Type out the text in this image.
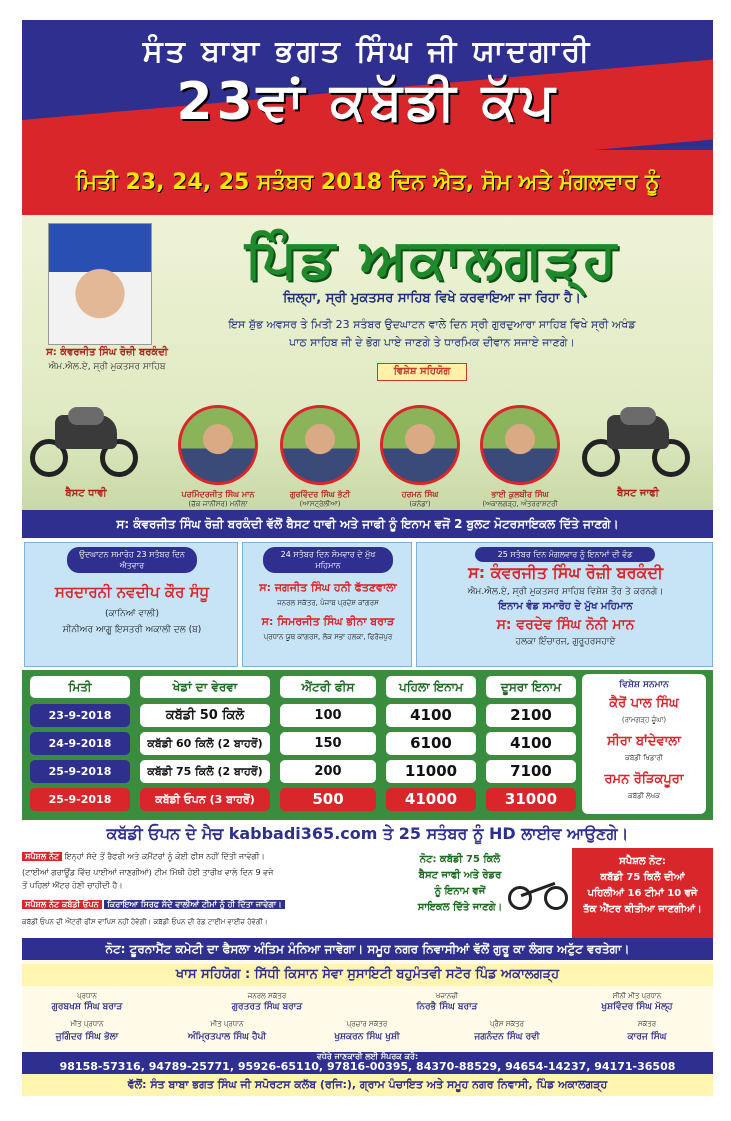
ਸੰਤ ਬਾਬਾ ਭਗਤ ਸਿੰਘ ਜੀ ਯਾਦਗਾਰੀ
23ਵਾਂ ਕਬੱਡੀ ਕੱਪ
ਮਿਤੀ 23, 24, 25 ਸਤੰਬਰ 2018 ਦਿਨ ਐਤ, ਸੋਮ ਅਤੇ ਮੰਗਲਵਾਰ ਨੂੰ
ਸ: ਕੰਵਰਜੀਤ ਸਿੰਘ ਰੋਜ਼ੀ ਬਰਕੰਦੀ
ਐਮ.ਐਲ.ਏ, ਸ੍ਰੀ ਮੁਕਤਸਰ ਸਾਹਿਬ
ਪਿੰਡ ਅਕਾਲਗੜ੍ਹ
ਜ਼ਿਲ੍ਹਾ, ਸ੍ਰੀ ਮੁਕਤਸਰ ਸਾਹਿਬ ਵਿਖੇ ਕਰਵਾਇਆ ਜਾ ਰਿਹਾ ਹੈ।
ਇਸ ਸ਼ੁੱਭ ਅਵਸਰ ਤੇ ਮਿਤੀ 23 ਸਤੰਬਰ ਉਦਘਾਟਨ ਵਾਲੇ ਦਿਨ ਸ੍ਰੀ ਗੁਰਦੁਆਰਾ ਸਾਹਿਬ ਵਿਖੇ ਸ੍ਰੀ ਅਖੰਡ
ਪਾਠ ਸਾਹਿਬ ਜੀ ਦੇ ਭੋਗ ਪਾਏ ਜਾਣਗੇ ਤੇ ਧਾਰਮਿਕ ਦੀਵਾਨ ਸਜਾਏ ਜਾਣਗੇ।
ਵਿਸ਼ੇਸ਼ ਸਹਿਯੋਗ
ਬੈਸਟ ਧਾਵੀ	ਬੈਸਟ ਜਾਫੀ
ਪਰਮਿੰਦਰਜੀਤ ਸਿੰਘ ਮਾਨ
(ਚੱਕ ਜਾਨੀਸਰ) ਮਨੀਲਾ
ਗੁਰਵਿੰਦਰ ਸਿੰਘ ਭੱਟੀ
(ਆਸਟ੍ਰੇਲੀਆ)
ਹਰਮਨ ਸਿੰਘ
(ਕਨੇਡਾ)
ਭਾਈ ਕੁਲਬੀਰ ਸਿੰਘ
(ਅਕਾਲਗੜ੍ਹ, ਅੰਤਰਰਾਸ਼ਟਰੀ
ਸ: ਕੰਵਰਜੀਤ ਸਿੰਘ ਰੋਜ਼ੀ ਬਰਕੰਦੀ ਵੱਲੋਂ ਬੈਸਟ ਧਾਵੀ ਅਤੇ ਜਾਫੀ ਨੂੰ ਇਨਾਮ ਵਜੋਂ 2 ਬੁਲਟ ਮੋਟਰਸਾਇਕਲ ਦਿੱਤੇ ਜਾਣਗੇ।
ਉਦਘਾਟਨ ਸਮਾਰੋਹ 23 ਸਤੰਬਰ ਦਿਨ ਐਤਵਾਰ
ਸਰਦਾਰਨੀ ਨਵਦੀਪ ਕੌਰ ਸੰਧੂ
(ਕਾਨਿਆਂ ਵਾਲੀ)
ਸੀਨੀਅਰ ਆਗੂ ਇਸਤਰੀ ਅਕਾਲੀ ਦਲ (ਬ)
24 ਸਤੰਬਰ ਦਿਨ ਸੋਮਵਾਰ ਦੇ ਮੁੱਖ ਮਹਿਮਾਨ
ਸ: ਜਗਜੀਤ ਸਿੰਘ ਹਨੀ ਫੱਤਣਵਾਲਾ
ਜਨਰਲ ਸਕੱਤਰ, ਪੰਜਾਬ ਪ੍ਰਦੇਸ਼ ਕਾਂਗਰਸ
ਸ: ਸਿਮਰਜੀਤ ਸਿੰਘ ਭੀਨਾ ਬਰਾੜ
ਪ੍ਰਧਾਨ ਯੂਥ ਕਾਂਗਰਸ, ਲੋਕ ਸਭਾ ਹਲਕਾ, ਫਿਰੋਜ਼ਪੁਰ
25 ਸਤੰਬਰ ਦਿਨ ਮੰਗਲਵਾਰ ਨੂੰ ਇਨਾਮਾਂ ਦੀ ਵੰਡ
ਸ: ਕੰਵਰਜੀਤ ਸਿੰਘ ਰੋਜ਼ੀ ਬਰਕੰਦੀ
ਐਮ.ਐਲ.ਏ, ਸ੍ਰੀ ਮੁਕਤਸਰ ਸਾਹਿਬ ਵਿਸ਼ੇਸ਼ ਤੌਰ ਤੇ ਕਰਨਗੇ।
ਇਨਾਮ ਵੰਡ ਸਮਾਰੋਹ ਦੇ ਮੁੱਖ ਮਹਿਮਾਨ
ਸ: ਵਰਦੇਵ ਸਿੰਘ ਨੋਨੀ ਮਾਨ
ਹਲਕਾ ਇੰਚਾਰਜ, ਗੁਰੂਹਰਸਹਾਏ
ਮਿਤੀ	ਖੇਡਾਂ ਦਾ ਵੇਰਵਾ	ਐਂਟਰੀ ਫੀਸ	ਪਹਿਲਾ ਇਨਾਮ	ਦੂਸਰਾ ਇਨਾਮ
23-9-2018	ਕਬੱਡੀ 50 ਕਿਲੋ	100	4100	2100
24-9-2018	ਕਬੱਡੀ 60 ਕਿਲੋ (2 ਬਾਹਰੋਂ)	150	6100	4100
25-9-2018	ਕਬੱਡੀ 75 ਕਿਲੋ (2 ਬਾਹਰੋਂ)	200	11000	7100
25-9-2018	ਕਬੱਡੀ ਓਪਨ (3 ਬਾਹਰੋਂ)	500	41000	31000
ਵਿਸ਼ੇਸ਼ ਸਨਮਾਨ
ਕੈਰੋਂ ਪਾਲ ਸਿੰਘ
(ਰਾਮਗੜ੍ਹ ਚੂੰਘਾ)
ਸੀਰਾ ਬਾਂਦੇਵਾਲਾ
ਕਬੱਡੀ ਖਿਡਾਰੀ
ਰਮਨ ਰੋੜਿਕਪੂਰਾ
ਕਬੱਡੀ ਲੇਖਕ
ਕਬੱਡੀ ਓਪਨ ਦੇ ਮੈਚ kabbadi365.com ਤੇ 25 ਸਤੰਬਰ ਨੂੰ HD ਲਾਈਵ ਆਉਣਗੇ।
ਸਪੈਸ਼ਲ ਨੋਟ ਇਨ੍ਹਾਂ ਸੱਦੇ ਤੋਂ ਰੈਫਰੀ ਅਤੇ ਕਮੈਂਟਰਾਂ ਨੂੰ ਕੋਈ ਫੀਸ ਨਹੀਂ ਦਿੱਤੀ ਜਾਵੇਗੀ।
(ਟਾਈਆਂ ਗਰਾਊਂਡ ਵਿੱਚ ਪਾਈਆਂ ਜਾਣਗੀਆਂ) ਟੀਮ ਮਿੱਥੀ ਹੋਈ ਤਾਰੀਖ ਵਾਲੇ ਦਿਨ 9 ਵਜੇ
ਤੋਂ ਪਹਿਲਾਂ ਐਂਟਰ ਹੋਣੀ ਚਾਹੀਦੀ ਹੈ।
ਸਪੈਸ਼ਲ ਨੋਟ ਕਬੱਡੀ ਓਪਨ ਕਿਰਾਇਆ ਸਿਰਫ ਸੱਦੇ ਵਾਲੀਆਂ ਟੀਮਾਂ ਨੂੰ ਹੀ ਦਿੱਤਾ ਜਾਵੇਗਾ।
ਕਬੱਡੀ ਓਪਨ ਦੀ ਐਂਟਰੀ ਫੀਸ ਵਾਪਿਸ ਨਹੀਂ ਹੋਵੇਗੀ। ਕਬੱਡੀ ਓਪਨ ਦੀ ਰੇਡ ਟਾਈਮ ਵਾਈਜ਼ ਹੋਵੇਗੀ।
ਨੋਟ: ਕਬੱਡੀ 75 ਕਿਲੋ
ਬੈਸਟ ਜਾਫੀ ਅਤੇ ਰੇਡਰ
ਨੂੰ ਇਨਾਮ ਵਜੋਂ
ਸਾਇਕਲ ਦਿੱਤੇ ਜਾਣਗੇ।
ਸਪੈਸ਼ਲ ਨੋਟ:
ਕਬੱਡੀ 75 ਕਿਲੋ ਦੀਆਂ
ਪਹਿਲੀਆਂ 16 ਟੀਮਾਂ 10 ਵਜੇ
ਤੱਕ ਐਂਟਰ ਕੀਤੀਆ ਜਾਣਗੀਆਂ।
ਨੋਟ: ਟੂਰਨਾਮੈਂਟ ਕਮੇਟੀ ਦਾ ਫੈਸਲਾ ਅੰਤਿਮ ਮੰਨਿਆ ਜਾਵੇਗਾ। ਸਮੂਹ ਨਗਰ ਨਿਵਾਸੀਆਂ ਵੱਲੋਂ ਗੁਰੂ ਕਾ ਲੰਗਰ ਅਟੁੱਟ ਵਰਤੇਗਾ।
ਖਾਸ ਸਹਿਯੋਗ : ਸਿੱਧੀ ਕਿਸਾਨ ਸੇਵਾ ਸੁਸਾਇਟੀ ਬਹੁਮੰਤਵੀ ਸਟੋਰ ਪਿੰਡ ਅਕਾਲਗੜ੍ਹ
ਪ੍ਰਧਾਨ
ਗੁਰਬਖਸ਼ ਸਿੰਘ ਬਰਾੜ
ਜਨਰਲ ਸਕੱਤਰ
ਗੁਰਤਰਤ ਸਿੰਘ ਬਰਾੜ
ਖਜ਼ਾਨਚੀ
ਨਿਰਭੈ ਸਿੰਘ ਬਰਾੜ
ਸੀਨੀ ਮੀਤ ਪ੍ਰਧਾਨ
ਖੁਸ਼ਵਿੰਦਰ ਸਿੰਘ ਮੱਲ੍ਹ
ਮੀਤ ਪ੍ਰਧਾਨ
ਜੁਗਿੰਦਰ ਸਿੰਘ ਭੋਲਾ
ਮੀਤ ਪ੍ਰਧਾਨ
ਅੰਮ੍ਰਿਤਪਾਲ ਸਿੰਘ ਹੈਪੀ
ਪ੍ਰਚਾਰ ਸਕੱਤਰ
ਖੁਸ਼ਕਰਨ ਸਿੰਘ ਖੁਸ਼ੀ
ਪ੍ਰੈਸ ਸਕੱਤਰ
ਜਗਨੰਦਨ ਸਿੰਘ ਰਵੀ
ਸਕੱਤਰ
ਕਾਰਜ ਸਿੰਘ
ਵਧੇਰੇ ਜਾਣਕਾਰੀ ਲਈ ਸੰਪਰਕ ਕਰੋ:
98158-57316, 94789-25771, 95926-65110, 97816-00395, 84370-88529, 94654-14237, 94171-36508
ਵੱਲੋਂ: ਸੰਤ ਬਾਬਾ ਭਗਤ ਸਿੰਘ ਜੀ ਸਪੋਰਟਸ ਕਲੱਬ (ਰਜਿ:), ਗ੍ਰਾਮ ਪੰਚਾਇਤ ਅਤੇ ਸਮੂਹ ਨਗਰ ਨਿਵਾਸੀ, ਪਿੰਡ ਅਕਾਲਗੜ੍ਹ
